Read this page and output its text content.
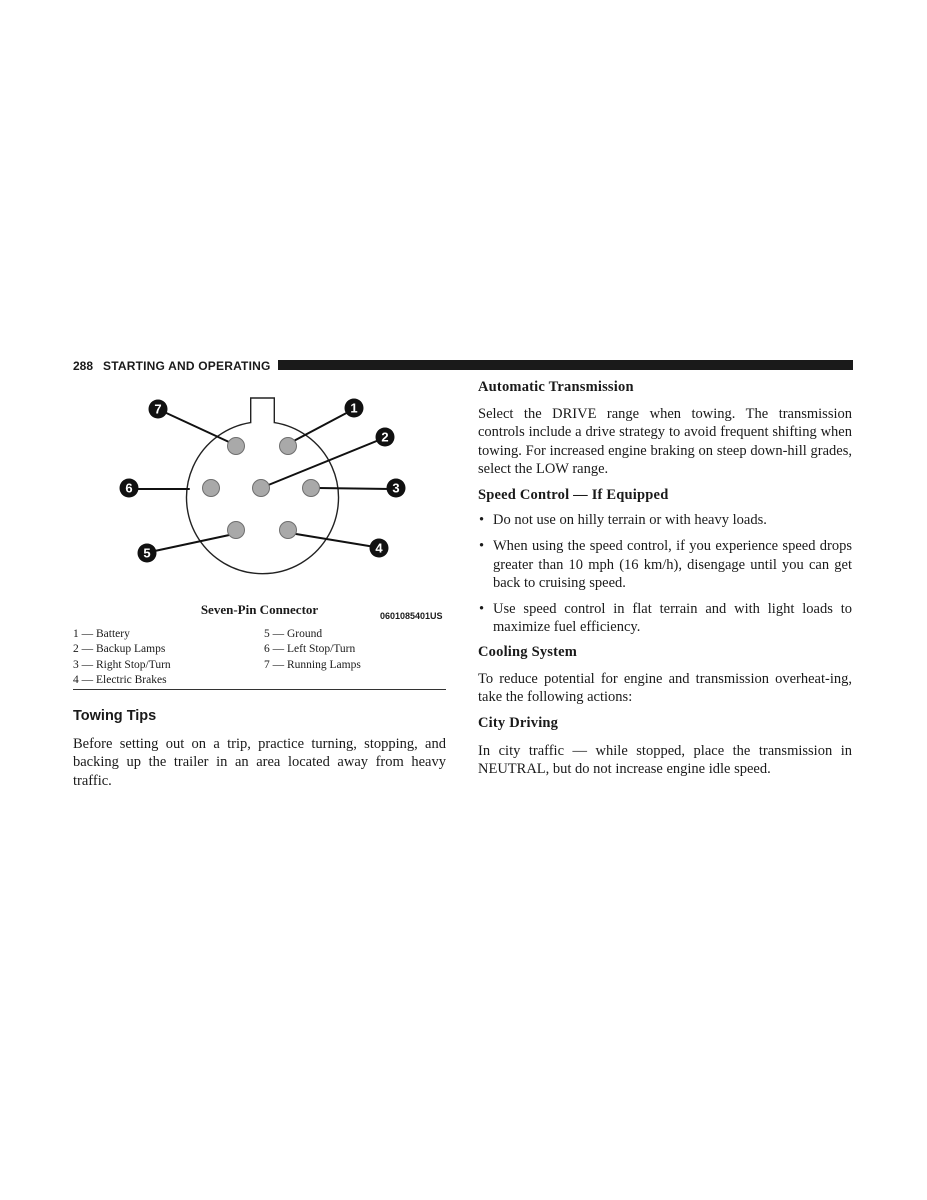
288 STARTING AND OPERATING
1
2
3
4
5
6
7
0601085401US
Seven-Pin Connector
1 — Battery
2 — Backup Lamps
3 — Right Stop/Turn
4 — Electric Brakes
5 — Ground
6 — Left Stop/Turn
7 — Running Lamps
Towing Tips
Before setting out on a trip, practice turning, stopping, and backing up the trailer in an area located away from heavy traffic.
Automatic Transmission
Select the DRIVE range when towing. The transmission controls include a drive strategy to avoid frequent shifting when towing. For increased engine braking on steep down-hill grades, select the LOW range.
Speed Control — If Equipped
• Do not use on hilly terrain or with heavy loads.
• When using the speed control, if you experience speed drops greater than 10 mph (16 km/h), disengage until you can get back to cruising speed.
• Use speed control in flat terrain and with light loads to maximize fuel efficiency.
Cooling System
To reduce potential for engine and transmission overheat-ing, take the following actions:
City Driving
In city traffic — while stopped, place the transmission in NEUTRAL, but do not increase engine idle speed.
